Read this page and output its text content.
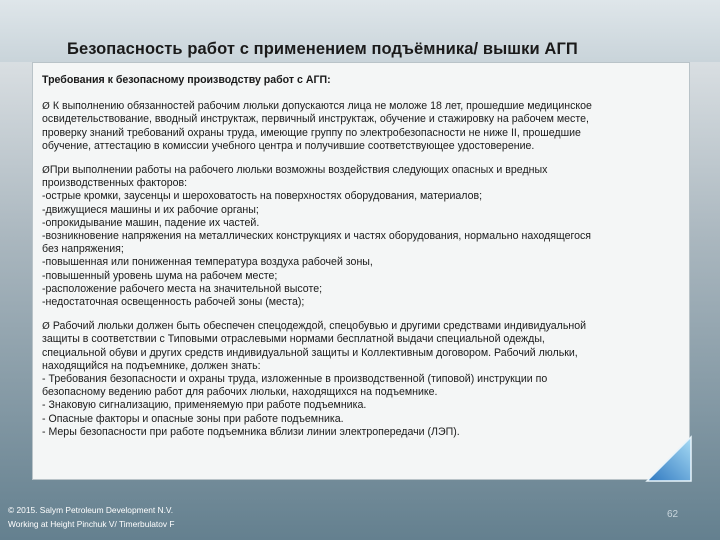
Безопасность работ с применением подъёмника/ вышки АГП

Требования к безопасному производству работ с АГП:

Ø К выполнению обязанностей рабочим люльки допускаются лица не моложе 18 лет, прошедшие медицинское
освидетельствование, вводный инструктаж, первичный инструктаж, обучение и стажировку на рабочем месте,
проверку знаний требований охраны труда, имеющие группу по электробезопасности не ниже II, прошедшие
обучение, аттестацию в комиссии учебного центра и получившие соответствующее удостоверение.

ØПри выполнении работы на рабочего люльки возможны воздействия следующих опасных и вредных
производственных факторов:
-острые кромки, заусенцы и шероховатость на поверхностях оборудования, материалов;
-движущиеся машины и их рабочие органы;
-опрокидывание машин, падение их частей.
-возникновение напряжения на металлических конструкциях и частях оборудования, нормально находящегося
без напряжения;
-повышенная или пониженная температура воздуха рабочей зоны,
-повышенный уровень шума на рабочем месте;
-расположение рабочего места на значительной высоте;
-недостаточная освещенность рабочей зоны (места);

Ø Рабочий люльки должен быть обеспечен спецодеждой, спецобувью и другими средствами индивидуальной
защиты в соответствии с Типовыми отраслевыми нормами бесплатной выдачи специальной одежды,
специальной обуви и других средств индивидуальной защиты и Коллективным договором. Рабочий люльки,
находящийся на подъемнике, должен знать:
- Требования безопасности и охраны труда, изложенные в производственной (типовой) инструкции по
безопасному ведению работ для рабочих люльки, находящихся на подъемнике.
- Знаковую сигнализацию, применяемую при работе подъемника.
- Опасные факторы и опасные зоны при работе подъемника.
- Меры безопасности при работе подъемника вблизи линии электропередачи (ЛЭП).

© 2015. Salym Petroleum Development N.V.
Working at Height Pinchuk V/ Timerbulatov F
62
